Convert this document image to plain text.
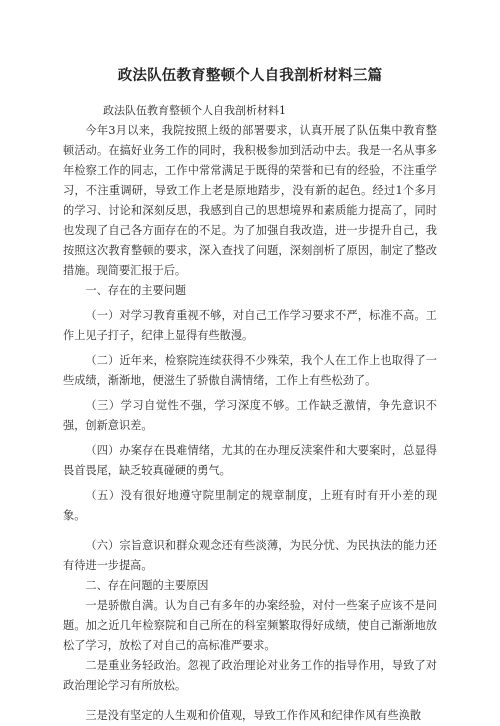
政法队伍教育整顿个人自我剖析材料三篇

政法队伍教育整顿个人自我剖析材料1

今年3月以来，我院按照上级的部署要求，认真开展了队伍集中教育整顿活动。在搞好业务工作的同时，我积极参加到活动中去。我是一名从事多年检察工作的同志，工作中常常满足于既得的荣誉和已有的经验，不注重学习，不注重调研，导致工作上老是原地踏步，没有新的起色。经过1个多月的学习、讨论和深刻反思，我感到自己的思想境界和素质能力提高了，同时也发现了自己各方面存在的不足。为了加强自我改造，进一步提升自己，我按照这次教育整顿的要求，深入查找了问题，深刻剖析了原因，制定了整改措施。现简要汇报于后。

一、存在的主要问题

（一）对学习教育重视不够，对自己工作学习要求不严，标准不高。工作上见子打子，纪律上显得有些散漫。

（二）近年来，检察院连续获得不少殊荣，我个人在工作上也取得了一些成绩，渐渐地，便滋生了骄傲自满情绪，工作上有些松劲了。

（三）学习自觉性不强，学习深度不够。工作缺乏激情，争先意识不强，创新意识差。

（四）办案存在畏难情绪，尤其的在办理反渎案件和大要案时，总显得畏首畏尾，缺乏较真碰硬的勇气。

（五）没有很好地遵守院里制定的规章制度，上班有时有开小差的现象。

（六）宗旨意识和群众观念还有些淡薄，为民分忧、为民执法的能力还有待进一步提高。

二、存在问题的主要原因

一是骄傲自满。认为自己有多年的办案经验，对付一些案子应该不是问题。加之近几年检察院和自己所在的科室频繁取得好成绩，使自己渐渐地放松了学习，放松了对自己的高标准严要求。

二是重业务轻政治。忽视了政治理论对业务工作的指导作用，导致了对政治理论学习有所放松。

三是没有坚定的人生观和价值观，导致工作作风和纪律作风有些涣散
